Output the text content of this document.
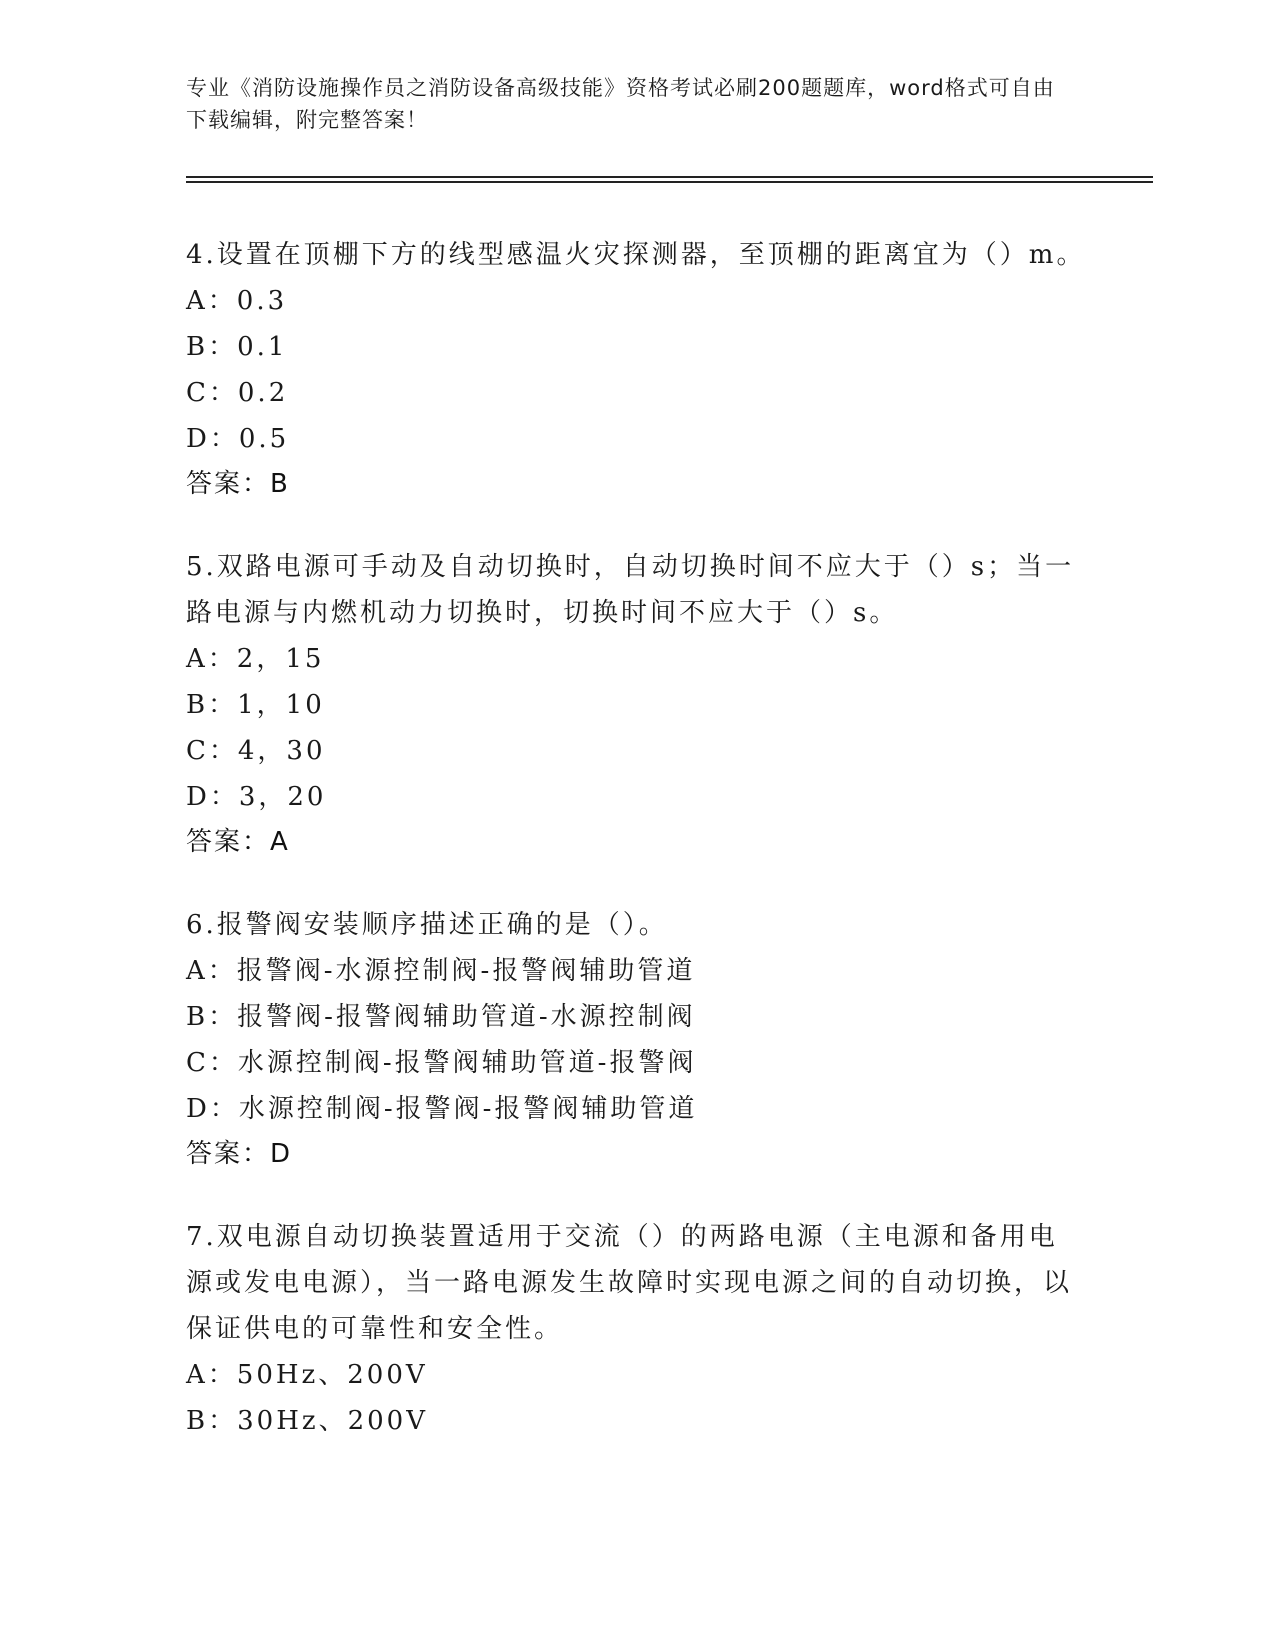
专业《消防设施操作员之消防设备高级技能》资格考试必刷200题题库，word格式可自由下载编辑，附完整答案！

4.设置在顶棚下方的线型感温火灾探测器，至顶棚的距离宜为（）m。

A：0.3

B：0.1

C：0.2

D：0.5

答案：B

5.双路电源可手动及自动切换时，自动切换时间不应大于（）s；当一路电源与内燃机动力切换时，切换时间不应大于（）s。

A：2，15

B：1，10

C：4，30

D：3，20

答案：A

6.报警阀安装顺序描述正确的是（）。

A：报警阀-水源控制阀-报警阀辅助管道

B：报警阀-报警阀辅助管道-水源控制阀

C：水源控制阀-报警阀辅助管道-报警阀

D：水源控制阀-报警阀-报警阀辅助管道

答案：D

7.双电源自动切换装置适用于交流（）的两路电源（主电源和备用电源或发电电源），当一路电源发生故障时实现电源之间的自动切换，以保证供电的可靠性和安全性。

A：50Hz、200V

B：30Hz、200V
